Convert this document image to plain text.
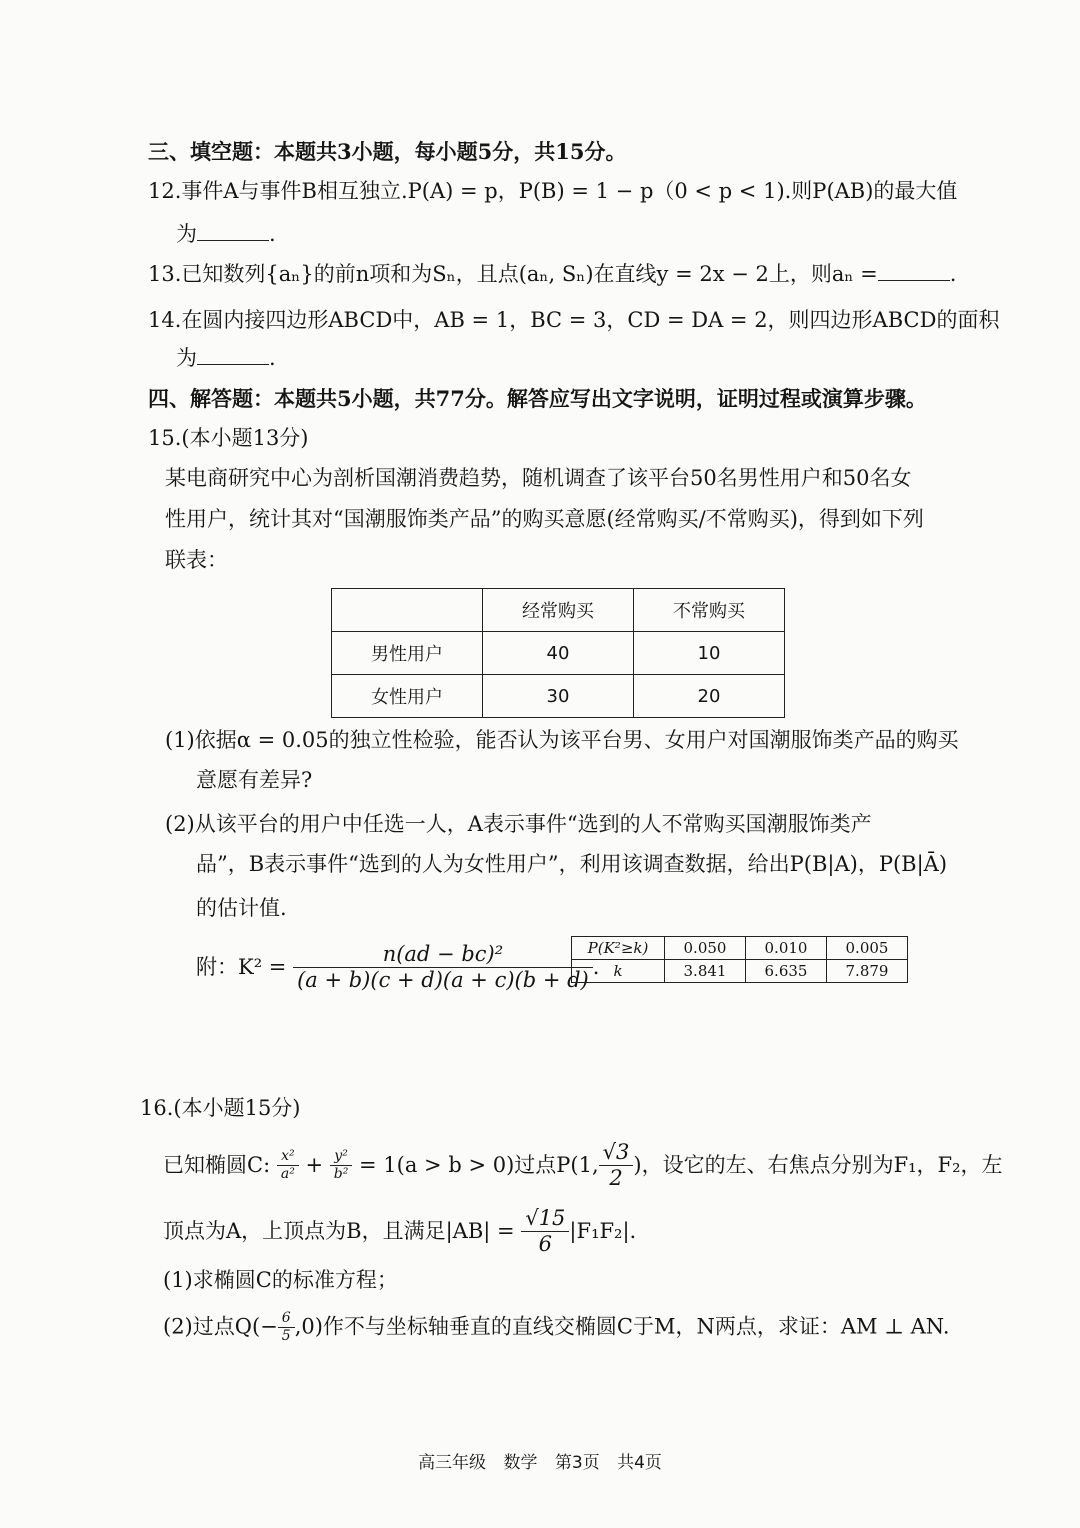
三、填空题：本题共3小题，每小题5分，共15分。
12.事件A与事件B相互独立.P(A) = p，P(B) = 1 − p（0 < p < 1).则P(AB)的最大值
为	.
13.已知数列{aₙ}的前n项和为Sₙ，且点(aₙ, Sₙ)在直线y = 2x − 2上，则aₙ =	.
14.在圆内接四边形ABCD中，AB = 1，BC = 3，CD = DA = 2，则四边形ABCD的面积
为	.
四、解答题：本题共5小题，共77分。解答应写出文字说明，证明过程或演算步骤。
15.(本小题13分)
某电商研究中心为剖析国潮消费趋势，随机调查了该平台50名男性用户和50名女
性用户，统计其对“国潮服饰类产品”的购买意愿(经常购买/不常购买)，得到如下列
联表：
	经常购买	不常购买
男性用户	40	10
女性用户	30	20
(1)依据α = 0.05的独立性检验，能否认为该平台男、女用户对国潮服饰类产品的购买
意愿有差异?
(2)从该平台的用户中任选一人，A表示事件“选到的人不常购买国潮服饰类产
品”，B表示事件“选到的人为女性用户”，利用该调查数据，给出P(B|A)，P(B|Ā)
的估计值.
附：$K^2 = \frac{\text{n(ad − bc)²}}{(a + b)(c + d)(a + c)(b + d)}$ .
P(K²≥k)	0.050	0.010	0.005
k	3.841	6.635	7.879
16.(本小题15分)
已知椭圆C: $\frac{\text{x²}}{\text{a²}} + \frac{\text{y²}}{\text{b²}} = 1(a > b > 0)$过点P(1, $\frac{√3}{2}$ )，设它的左、右焦点分别为F₁，F₂，左
顶点为A，上顶点为B，且满足$|AB| = \frac{√15}{6} |F_1F_2|$.
(1)求椭圆C的标准方程；
(2)过点$Q(- \frac{6}{5} ,0)$作不与坐标轴垂直的直线交椭圆C于M，N两点，求证：AM ⊥ AN.
高三年级 数学 第3页 共4页
